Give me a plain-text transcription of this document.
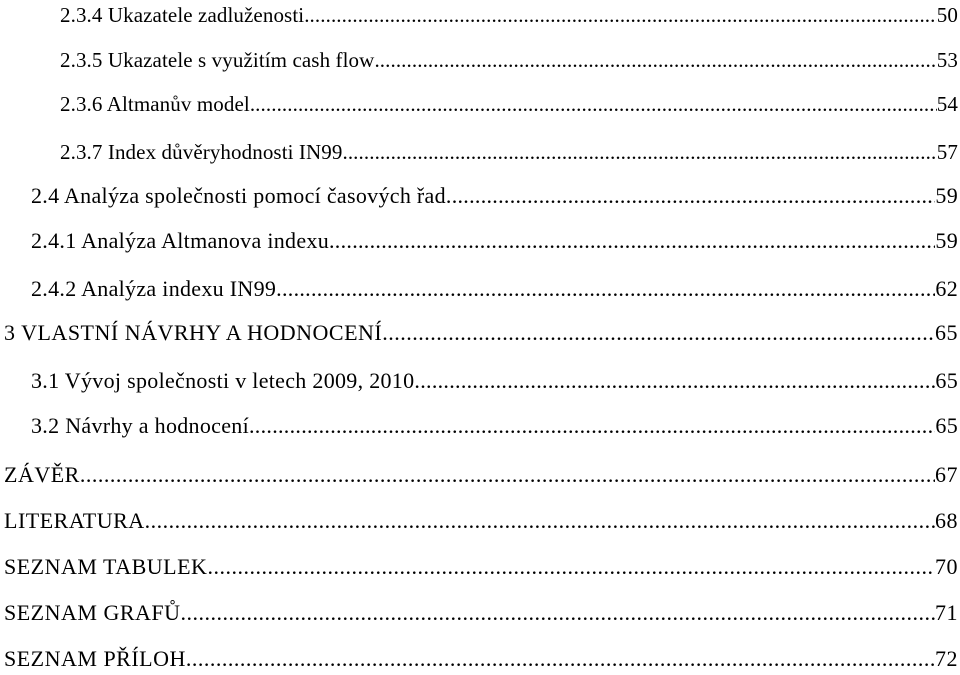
2.3.4 Ukazatele zadluženosti .....	50
2.3.5 Ukazatele s využitím cash flow .....	53
2.3.6 Altmanův model .....	54
2.3.7 Index důvěryhodnosti IN99 .....	57
2.4 Analýza společnosti pomocí časových řad .....	59
2.4.1 Analýza Altmanova indexu .....	59
2.4.2 Analýza indexu IN99 .....	62
3 VLASTNÍ NÁVRHY A HODNOCENÍ .....	65
3.1 Vývoj společnosti v letech 2009, 2010 .....	65
3.2 Návrhy a hodnocení .....	65
ZÁVĚR .....	67
LITERATURA .....	68
SEZNAM TABULEK .....	70
SEZNAM GRAFŮ .....	71
SEZNAM PŘÍLOH .....	72
